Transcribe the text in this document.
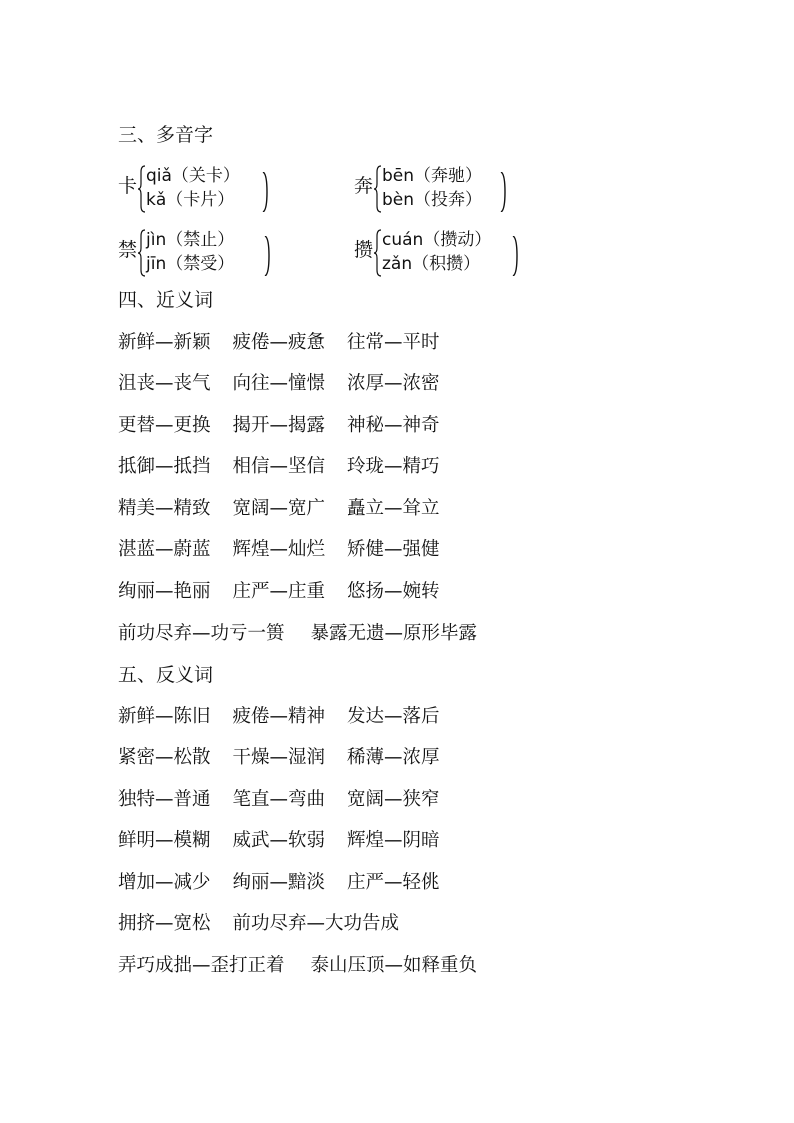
三、多音字
卡 qiǎ（关卡）
kǎ（卡片）
奔 bēn（奔驰）
bèn（投奔）
禁 jìn（禁止）
jīn（禁受）
攒 cuán（攒动）
zǎn（积攒）
四、近义词
新鲜—新颖 疲倦—疲惫 往常—平时
沮丧—丧气 向往—憧憬 浓厚—浓密
更替—更换 揭开—揭露 神秘—神奇
抵御—抵挡 相信—坚信 玲珑—精巧
精美—精致 宽阔—宽广 矗立—耸立
湛蓝—蔚蓝 辉煌—灿烂 矫健—强健
绚丽—艳丽 庄严—庄重 悠扬—婉转
前功尽弃—功亏一篑 暴露无遗—原形毕露
五、反义词
新鲜—陈旧 疲倦—精神 发达—落后
紧密—松散 干燥—湿润 稀薄—浓厚
独特—普通 笔直—弯曲 宽阔—狭窄
鲜明—模糊 威武—软弱 辉煌—阴暗
增加—减少 绚丽—黯淡 庄严—轻佻
拥挤—宽松 前功尽弃—大功告成
弄巧成拙—歪打正着 泰山压顶—如释重负
